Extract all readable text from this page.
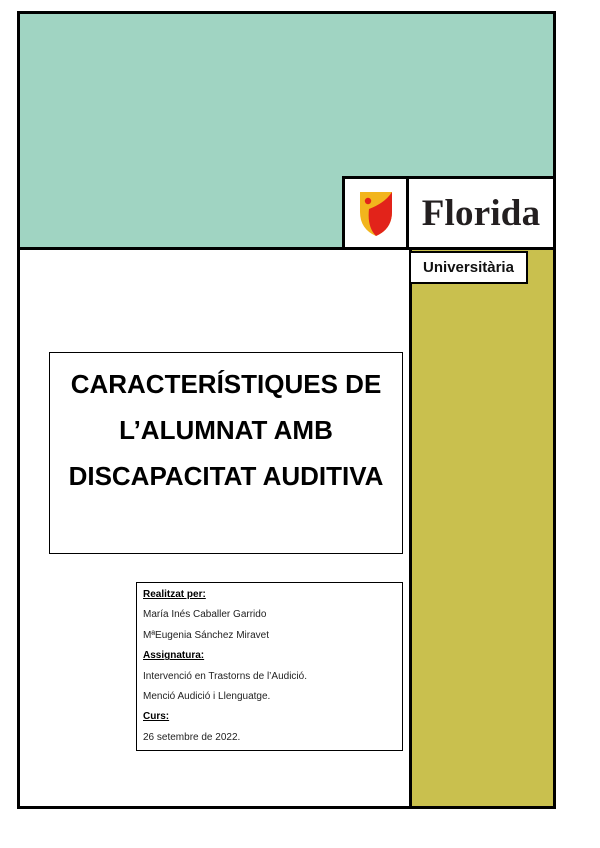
Florida
Universitària
CARACTERÍSTIQUES DE
L’ALUMNAT AMB
DISCAPACITAT AUDITIVA
Realitzat per:
María Inés Caballer Garrido
MªEugenia Sánchez Miravet
Assignatura:
Intervenció en Trastorns de l’Audició.
Menció Audició i Llenguatge.
Curs:
26 setembre de 2022.
